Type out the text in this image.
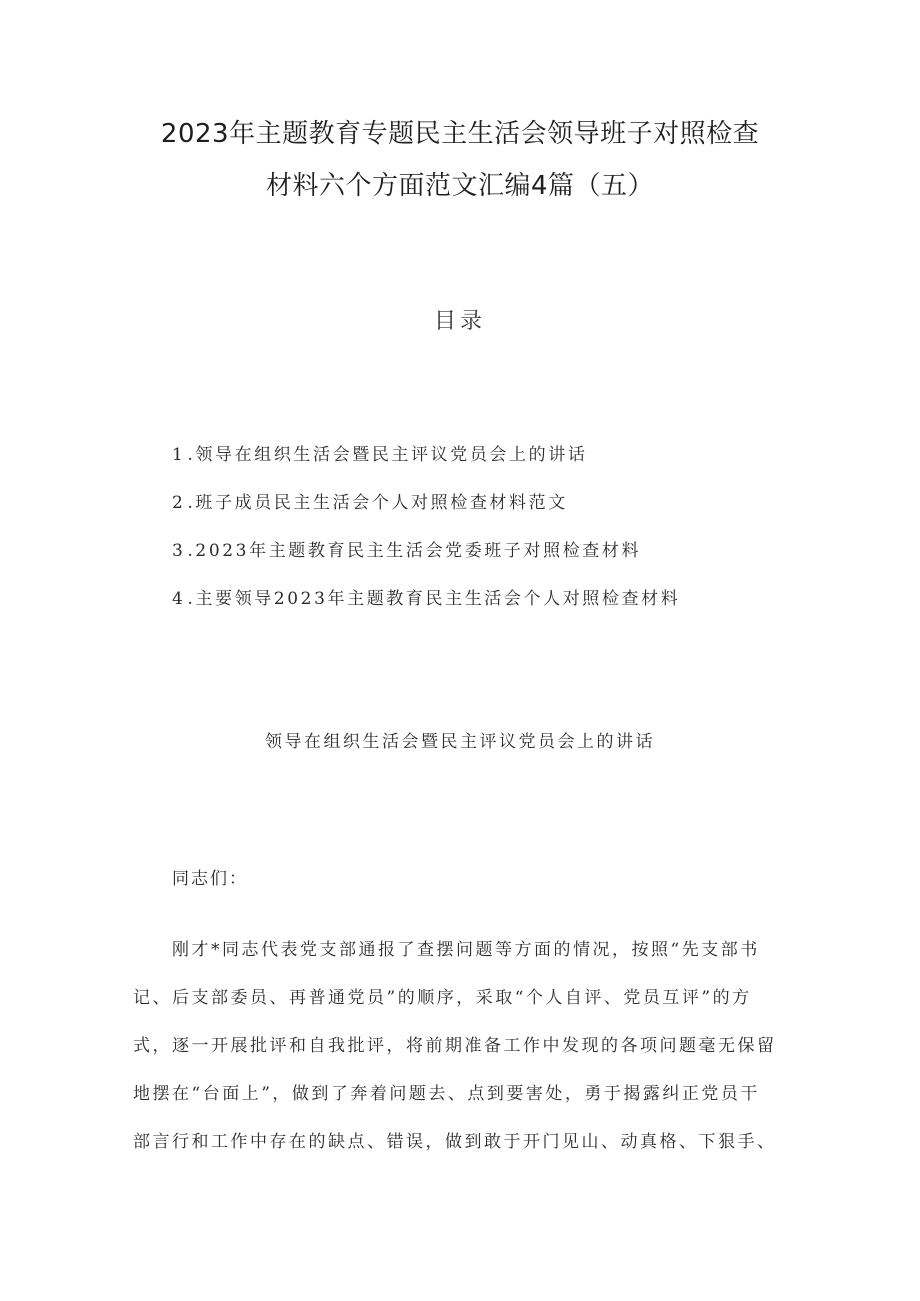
2023年主题教育专题民主生活会领导班子对照检查
材料六个方面范文汇编4篇（五）
目录
1 .领导在组织生活会暨民主评议党员会上的讲话
2 .班子成员民主生活会个人对照检查材料范文
3 .2023年主题教育民主生活会党委班子对照检查材料
4 .主要领导2023年主题教育民主生活会个人对照检查材料
领导在组织生活会暨民主评议党员会上的讲话
同志们：
刚才*同志代表党支部通报了查摆问题等方面的情况，按照“先支部书
记、后支部委员、再普通党员”的顺序，采取“个人自评、党员互评”的方
式，逐一开展批评和自我批评，将前期准备工作中发现的各项问题毫无保留
地摆在“台面上”，做到了奔着问题去、点到要害处，勇于揭露纠正党员干
部言行和工作中存在的缺点、错误，做到敢于开门见山、动真格、下狠手、
